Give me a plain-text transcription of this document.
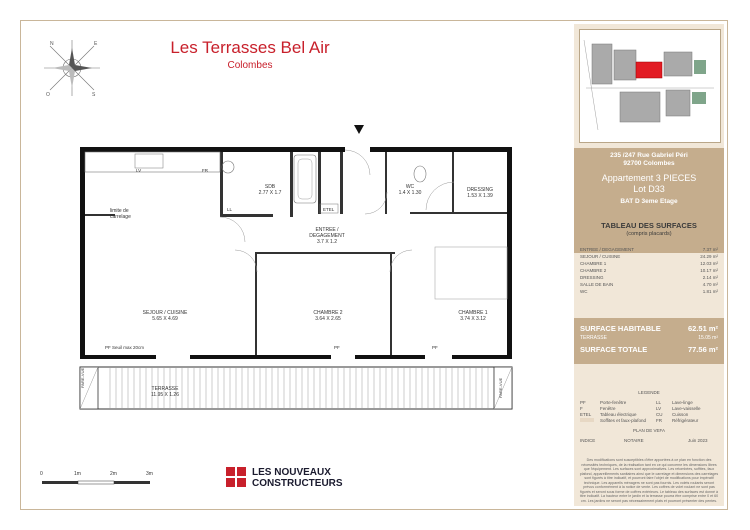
N
S
E
O
Les Terrasses Bel Air
Colombes
SDB
2.77 X 1.7
WC
1.4 X 1.30	DRESSING
1.53 X 1.39
ENTREE /
DEGAGEMENT
3.7 X 1.2
SEJOUR / CUISINE
5.65 X 4.69
CHAMBRE 2
3.64 X 2.65
CHAMBRE 1
3.74 X 3.12
TERRASSE
11.95 X 1.26
limite de
carrelage
PF Seuil max 20cm	PF	PF
LV	FR
LL	ETEL
PARE-VUE	PARE-VUE
0	1m	2m	3m	LES NOUVEAUX
CONSTRUCTEURS
235 /247 Rue Gabriel Péri
92700 Colombes
Appartement 3 PIECES
Lot D33
BAT D 3eme Etage
TABLEAU DES SURFACES
(compris placards)
ENTREE / DEGAGEMENT	7.37 m²
SEJOUR / CUISINE	24.29 m²
CHAMBRE 1	12.03 m²
CHAMBRE 2	10.17 m²
DRESSING	2.14 m²
SALLE DE BAIN	4.70 m²
WC	1.81 m²
SURFACE HABITABLE	62.51 m²
TERRASSE	15.05 m²
SURFACE TOTALE	77.56 m²
LEGENDE
PF	Porte-fenêtre	LL Lave-linge
F	Fenêtre	LV Lave-vaisselle
ETEL Tableau électrique	CU Cuisson
Soffites et faux-plafond FR Réfrigérateur
PLAN DE VEFA
INDICE	NOTAIRE	Juin 2023
Des modifications sont susceptibles d'être apportées à ce plan en fonction des nécessités techniques, de la réalisation tant en ce qui concerne les dimensions libres que l'équipement. Les surfaces sont approximatives. Les retombées, soffites, faux plafond, appareillements sanitaires ainsi que le carrelage et dimensions des carrelages sont figurés à titre indicatif, et pourront faire l'objet de modifications pour impératif technique. Les appareils ménagers ne sont pas fournis. Les volets roulants seront prévus conformément à la notice de vente. Les coffres de volet roulant ne sont pas figurés et seront sous forme de coffres extérieurs. Le tableau des surfaces est donné à titre indicatif. La hauteur entre le jardin et la terrasse pourra être comprise entre 0 et 60 cm. Les jardins ne seront pas nécessairement plats et pourront présenter des pentes.
